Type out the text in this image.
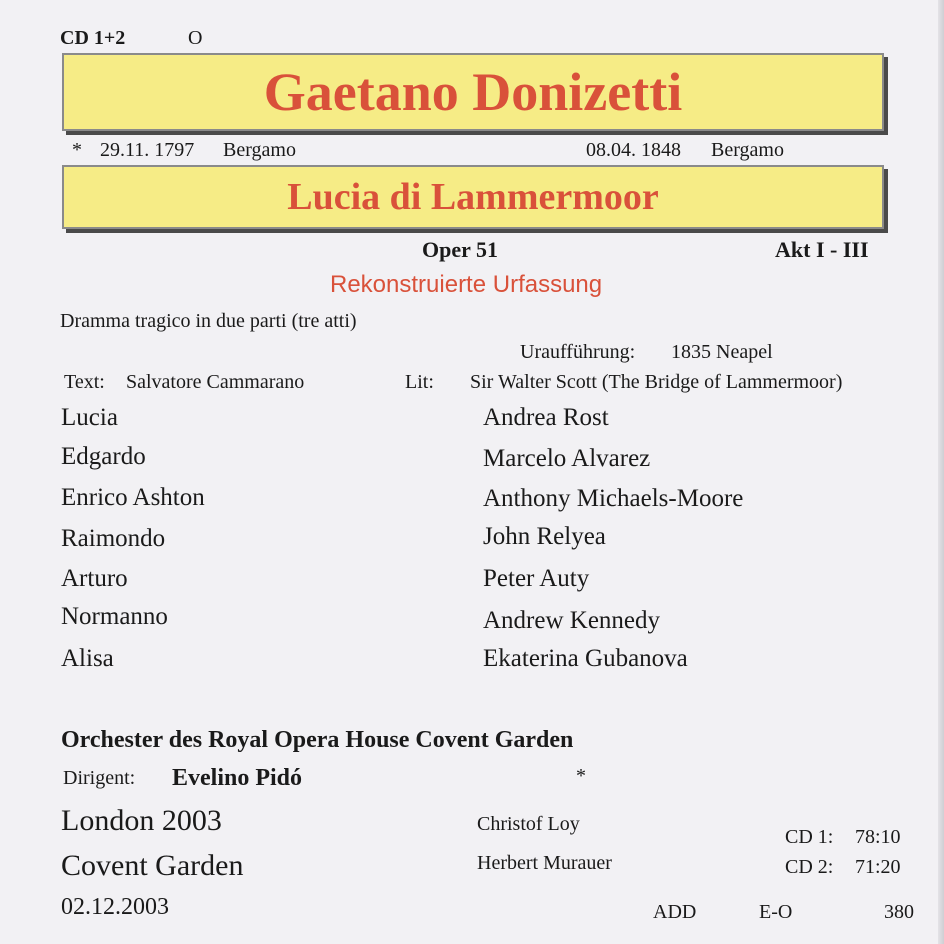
CD 1+2	O
Gaetano Donizetti
* 29.11. 1797 Bergamo	08.04. 1848 Bergamo
Lucia di Lammermoor
Oper 51	Akt I - III
Rekonstruierte Urfassung
Dramma tragico in due parti (tre atti)
Uraufführung: 1835 Neapel
Text: Salvatore Cammarano	Lit: Sir Walter Scott (The Bridge of Lammermoor)
Lucia	Andrea Rost
Edgardo	Marcelo Alvarez
Enrico Ashton	Anthony Michaels-Moore
Raimondo	John Relyea
Arturo	Peter Auty
Normanno	Andrew Kennedy
Alisa	Ekaterina Gubanova
Orchester des Royal Opera House Covent Garden
Dirigent: Evelino Pidó	*
London 2003
Covent Garden
02.12.2003
Christof Loy
Herbert Murauer
CD 1: 78:10
CD 2: 71:20
ADD	E-O	380
